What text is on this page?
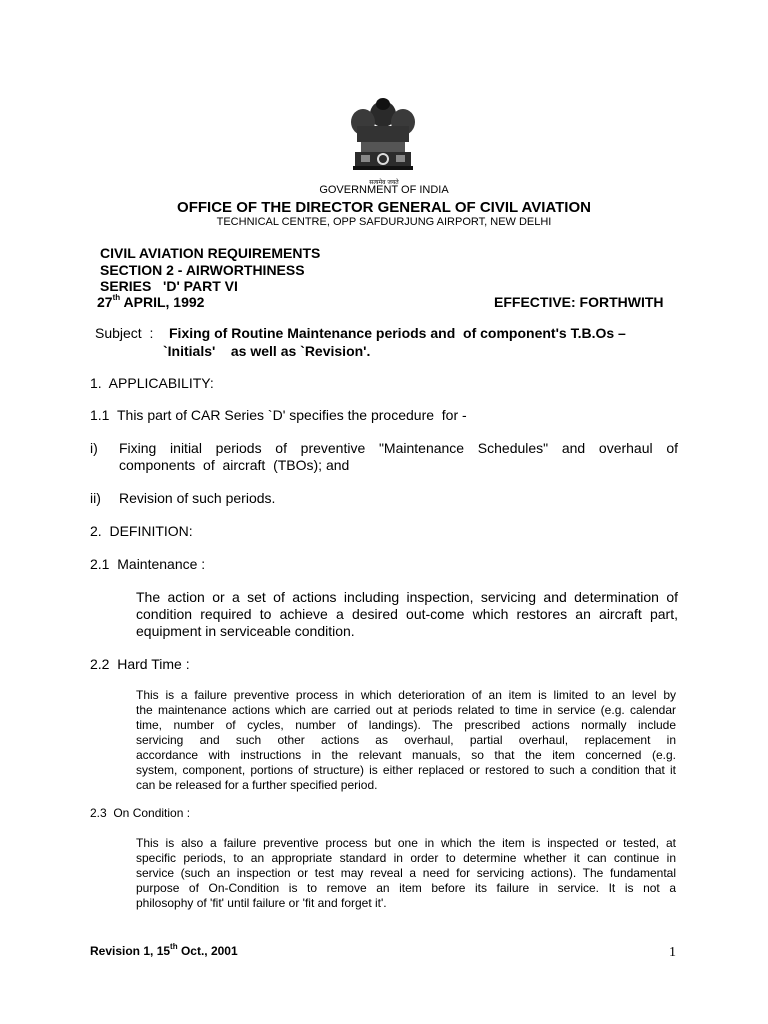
सत्यमेव जयते
GOVERNMENT OF INDIA
OFFICE OF THE DIRECTOR GENERAL OF CIVIL AVIATION
TECHNICAL CENTRE, OPP SAFDURJUNG AIRPORT, NEW DELHI
CIVIL AVIATION REQUIREMENTS
SECTION 2 - AIRWORTHINESS
SERIES   'D' PART VI
27th APRIL, 1992	EFFECTIVE: FORTHWITH
Subject  : Fixing of Routine Maintenance periods and  of component's T.B.Os –
`Initials'    as well as `Revision'.
1.  APPLICABILITY:
1.1  This part of CAR Series `D' specifies the procedure  for -
i) Fixing initial periods of preventive "Maintenance Schedules" and overhaul of
components  of  aircraft  (TBOs); and
ii) Revision of such periods.
2.  DEFINITION:
2.1  Maintenance :
The action or a set of actions including inspection, servicing and determination of
condition required to achieve a desired out-come which restores an aircraft part,
equipment in serviceable condition.
2.2  Hard Time :
This is a failure preventive process in which deterioration of an item is limited to an level by
the maintenance actions which are carried out at periods related to time in service (e.g. calendar
time, number of cycles, number of landings). The prescribed actions normally include
servicing and such other actions as overhaul, partial overhaul, replacement in
accordance with instructions in the relevant manuals, so that the item concerned (e.g.
system, component, portions of structure) is either replaced or restored to such a condition that it
can be released for a further specified period.
2.3  On Condition :
This is also a failure preventive process but one in which the item is inspected or tested, at
specific periods, to an appropriate standard in order to determine whether it can continue in
service (such an inspection or test may reveal a need for servicing actions). The fundamental
purpose of On-Condition is to remove an item before its failure in service. It is not a
philosophy of 'fit' until failure or 'fit and forget it'.
Revision 1, 15th Oct., 2001	1
